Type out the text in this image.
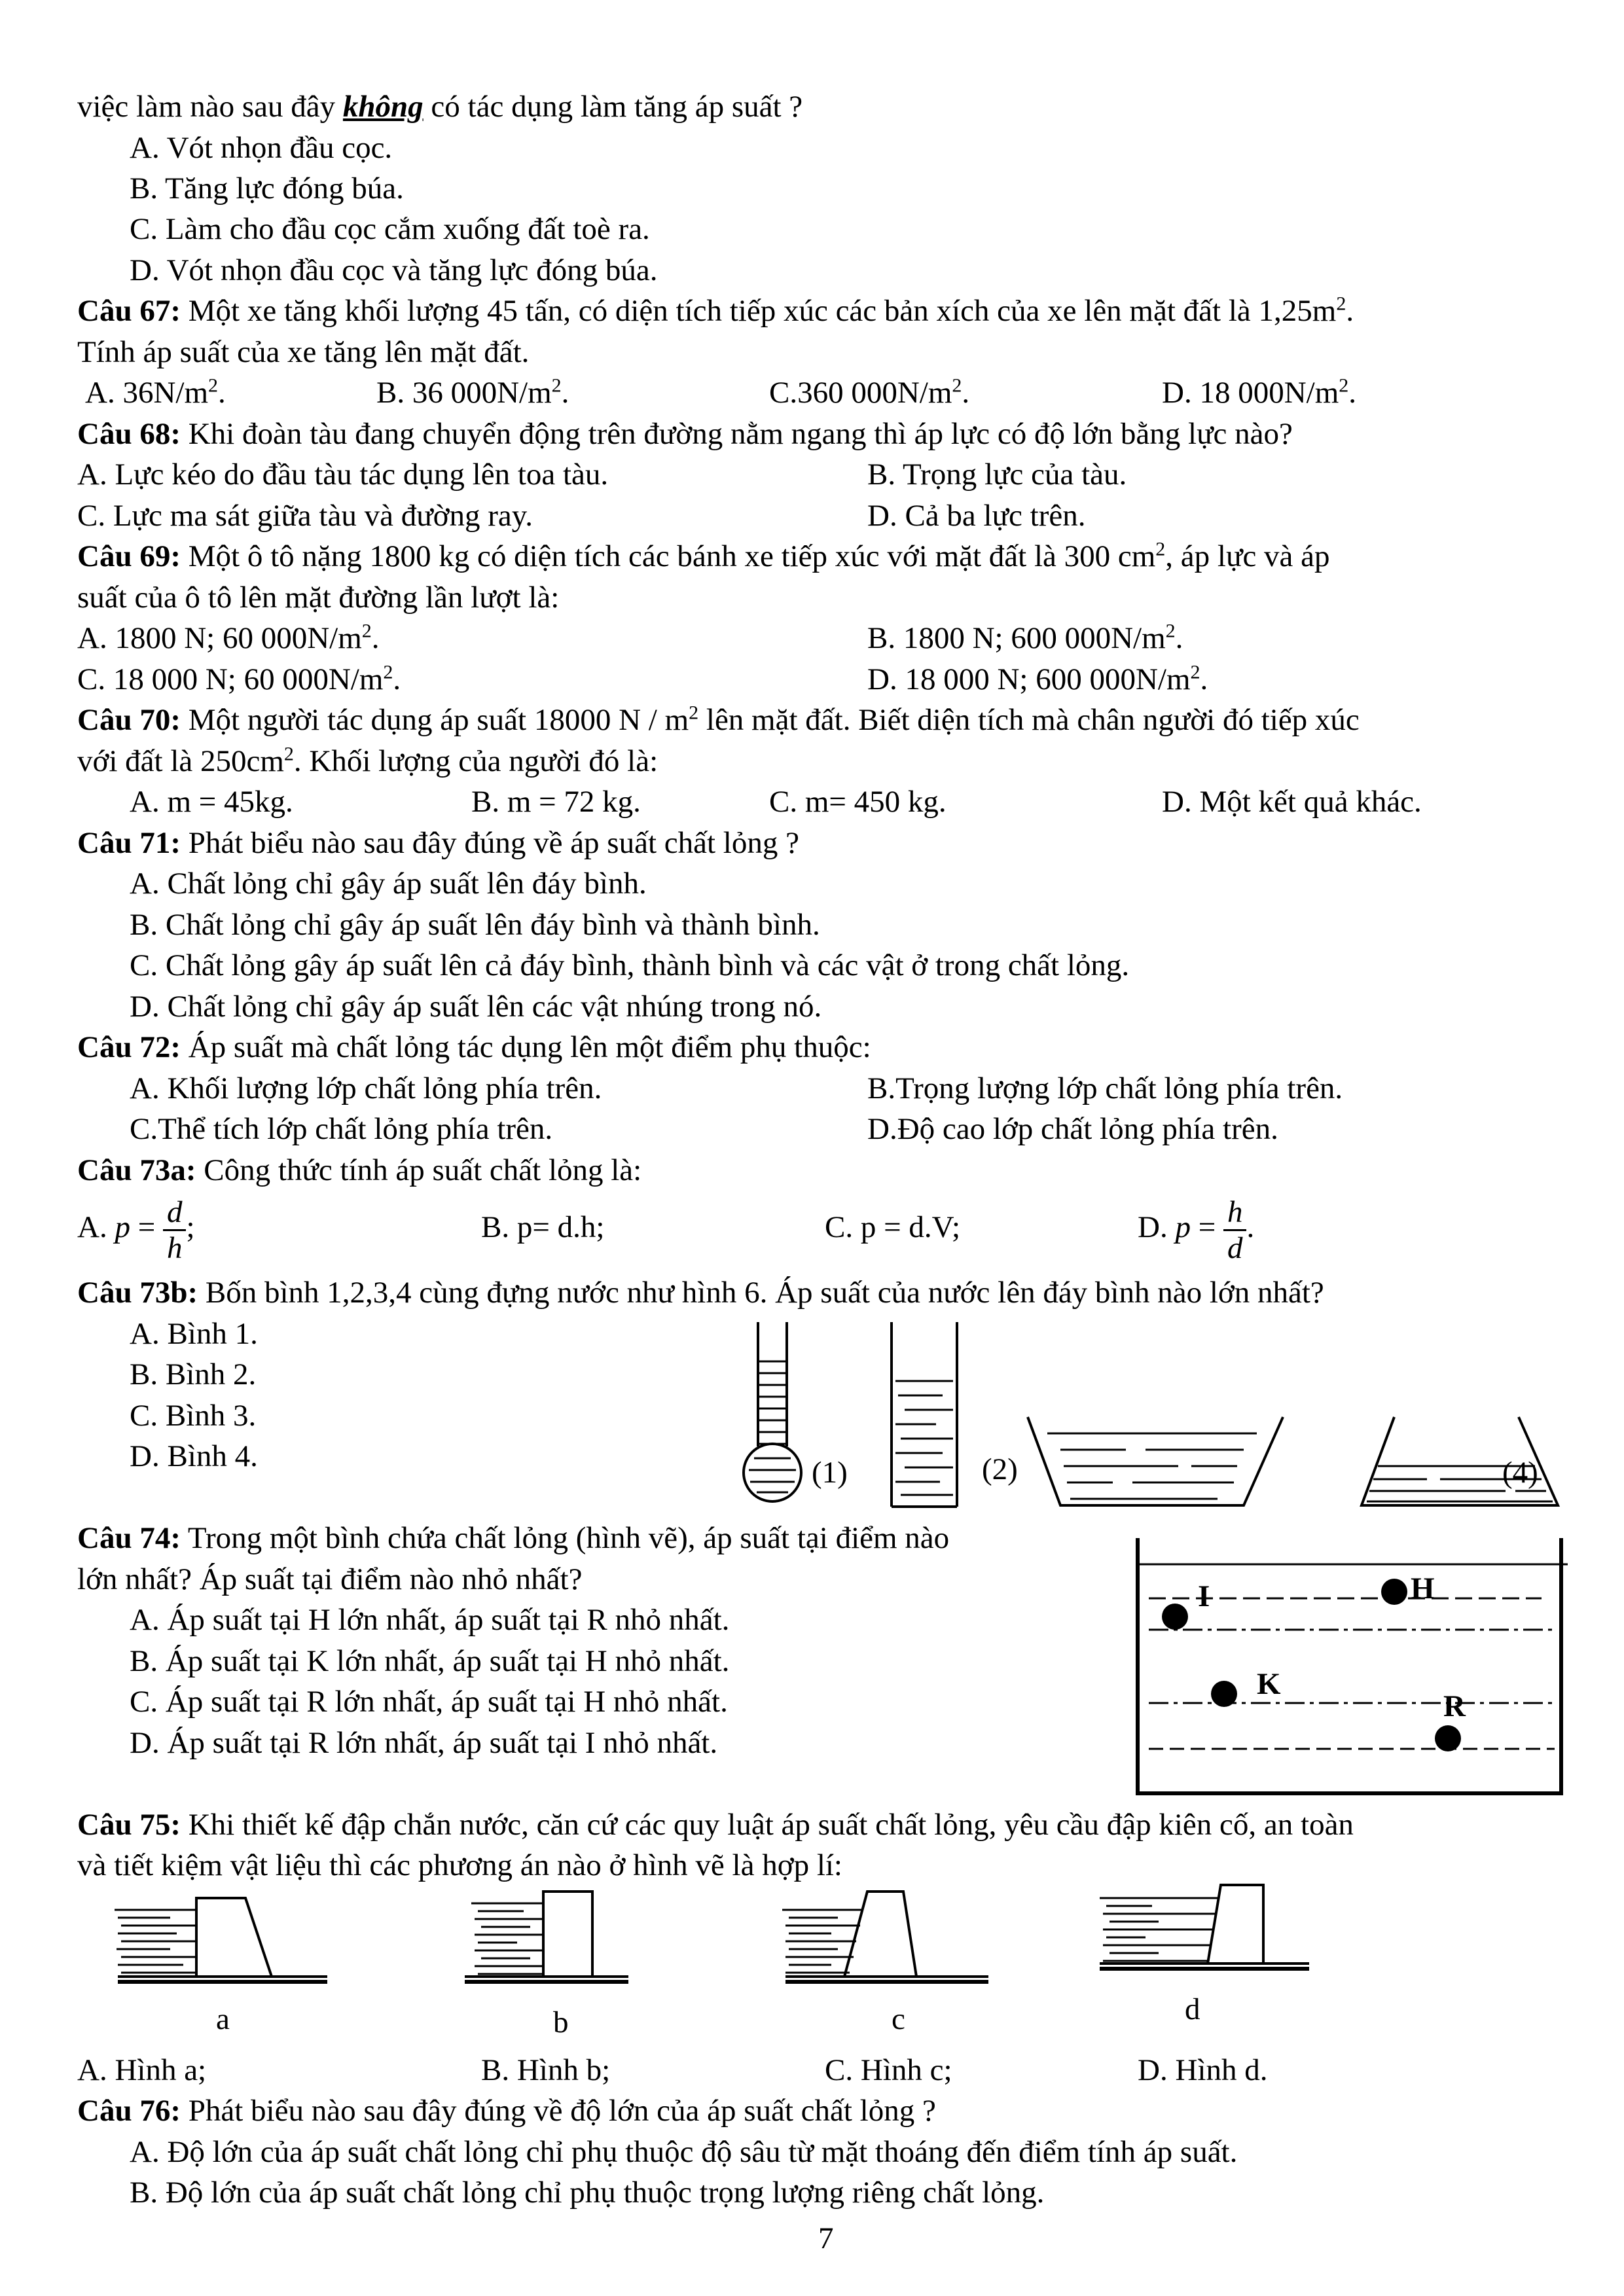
việc làm nào sau đây không có tác dụng làm tăng áp suất ?
A. Vót nhọn đầu cọc.
B. Tăng lực đóng búa.
C. Làm cho đầu cọc cắm xuống đất toè ra.
D. Vót nhọn đầu cọc và tăng lực đóng búa.
Câu 67: Một xe tăng khối lượng 45 tấn, có diện tích tiếp xúc các bản xích của xe lên mặt đất là $1,25m^2$.
Tính áp suất của xe tăng lên mặt đất.
A. $36N/m^2$.	B. 36 $000N/m^2$.	C.360 $000N/m^2$.	D. 18 $000N/m^2$.
Câu 68: Khi đoàn tàu đang chuyển động trên đường nằm ngang thì áp lực có độ lớn bằng lực nào?
A. Lực kéo do đầu tàu tác dụng lên toa tàu.	B. Trọng lực của tàu.
C. Lực ma sát giữa tàu và đường ray.	D. Cả ba lực trên.
Câu 69: Một ô tô nặng 1800 kg có diện tích các bánh xe tiếp xúc với mặt đất là 300 $cm^2$, áp lực và áp
suất của ô tô lên mặt đường lần lượt là:
A. 1800 N; 60 $000N/m^2$.	B. 1800 N; 600 $000N/m^2$.
C. 18 000 N; 60 $000N/m^2$.	D. 18 000 N; 600 $000N/m^2$.
Câu 70: Một người tác dụng áp suất 18000 N / $m^2$ lên mặt đất. Biết diện tích mà chân người đó tiếp xúc
với đất là $250cm^2$. Khối lượng của người đó là:
A. m = 45kg.	B. m = 72 kg.	C. m= 450 kg.	D. Một kết quả khác.
Câu 71: Phát biểu nào sau đây đúng về áp suất chất lỏng ?
A. Chất lỏng chỉ gây áp suất lên đáy bình.
B. Chất lỏng chỉ gây áp suất lên đáy bình và thành bình.
C. Chất lỏng gây áp suất lên cả đáy bình, thành bình và các vật ở trong chất lỏng.
D. Chất lỏng chỉ gây áp suất lên các vật nhúng trong nó.
Câu 72: Áp suất mà chất lỏng tác dụng lên một điểm phụ thuộc:
A. Khối lượng lớp chất lỏng phía trên.	B.Trọng lượng lớp chất lỏng phía trên.
C.Thể tích lớp chất lỏng phía trên.	D.Độ cao lớp chất lỏng phía trên.
Câu 73a: Công thức tính áp suất chất lỏng là:
A. $p = \frac{d}{h}$ ;	B. p= d.h;	C. p = d.V;	D. $p = \frac{h}{d}$ .
Câu 73b: Bốn bình 1,2,3,4 cùng đựng nước như hình 6. Áp suất của nước lên đáy bình nào lớn nhất?
A. Bình 1.
B. Bình 2.
C. Bình 3.
D. Bình 4.	(1)	(2)	(4)
Câu 74: Trong một bình chứa chất lỏng (hình vẽ), áp suất tại điểm nào
lớn nhất? Áp suất tại điểm nào nhỏ nhất?
A. Áp suất tại H lớn nhất, áp suất tại R nhỏ nhất.
B. Áp suất tại K lớn nhất, áp suất tại H nhỏ nhất.
C. Áp suất tại R lớn nhất, áp suất tại H nhỏ nhất.
D. Áp suất tại R lớn nhất, áp suất tại I nhỏ nhất.
I	H
K
R
Câu 75: Khi thiết kế đập chắn nước, căn cứ các quy luật áp suất chất lỏng, yêu cầu đập kiên cố, an toàn
và tiết kiệm vật liệu thì các phương án nào ở hình vẽ là hợp lí:
a	b	c	d
A. Hình a;	B. Hình b;	C. Hình c;	D. Hình d.
Câu 76: Phát biểu nào sau đây đúng về độ lớn của áp suất chất lỏng ?
A. Độ lớn của áp suất chất lỏng chỉ phụ thuộc độ sâu từ mặt thoáng đến điểm tính áp suất.
B. Độ lớn của áp suất chất lỏng chỉ phụ thuộc trọng lượng riêng chất lỏng.
7
